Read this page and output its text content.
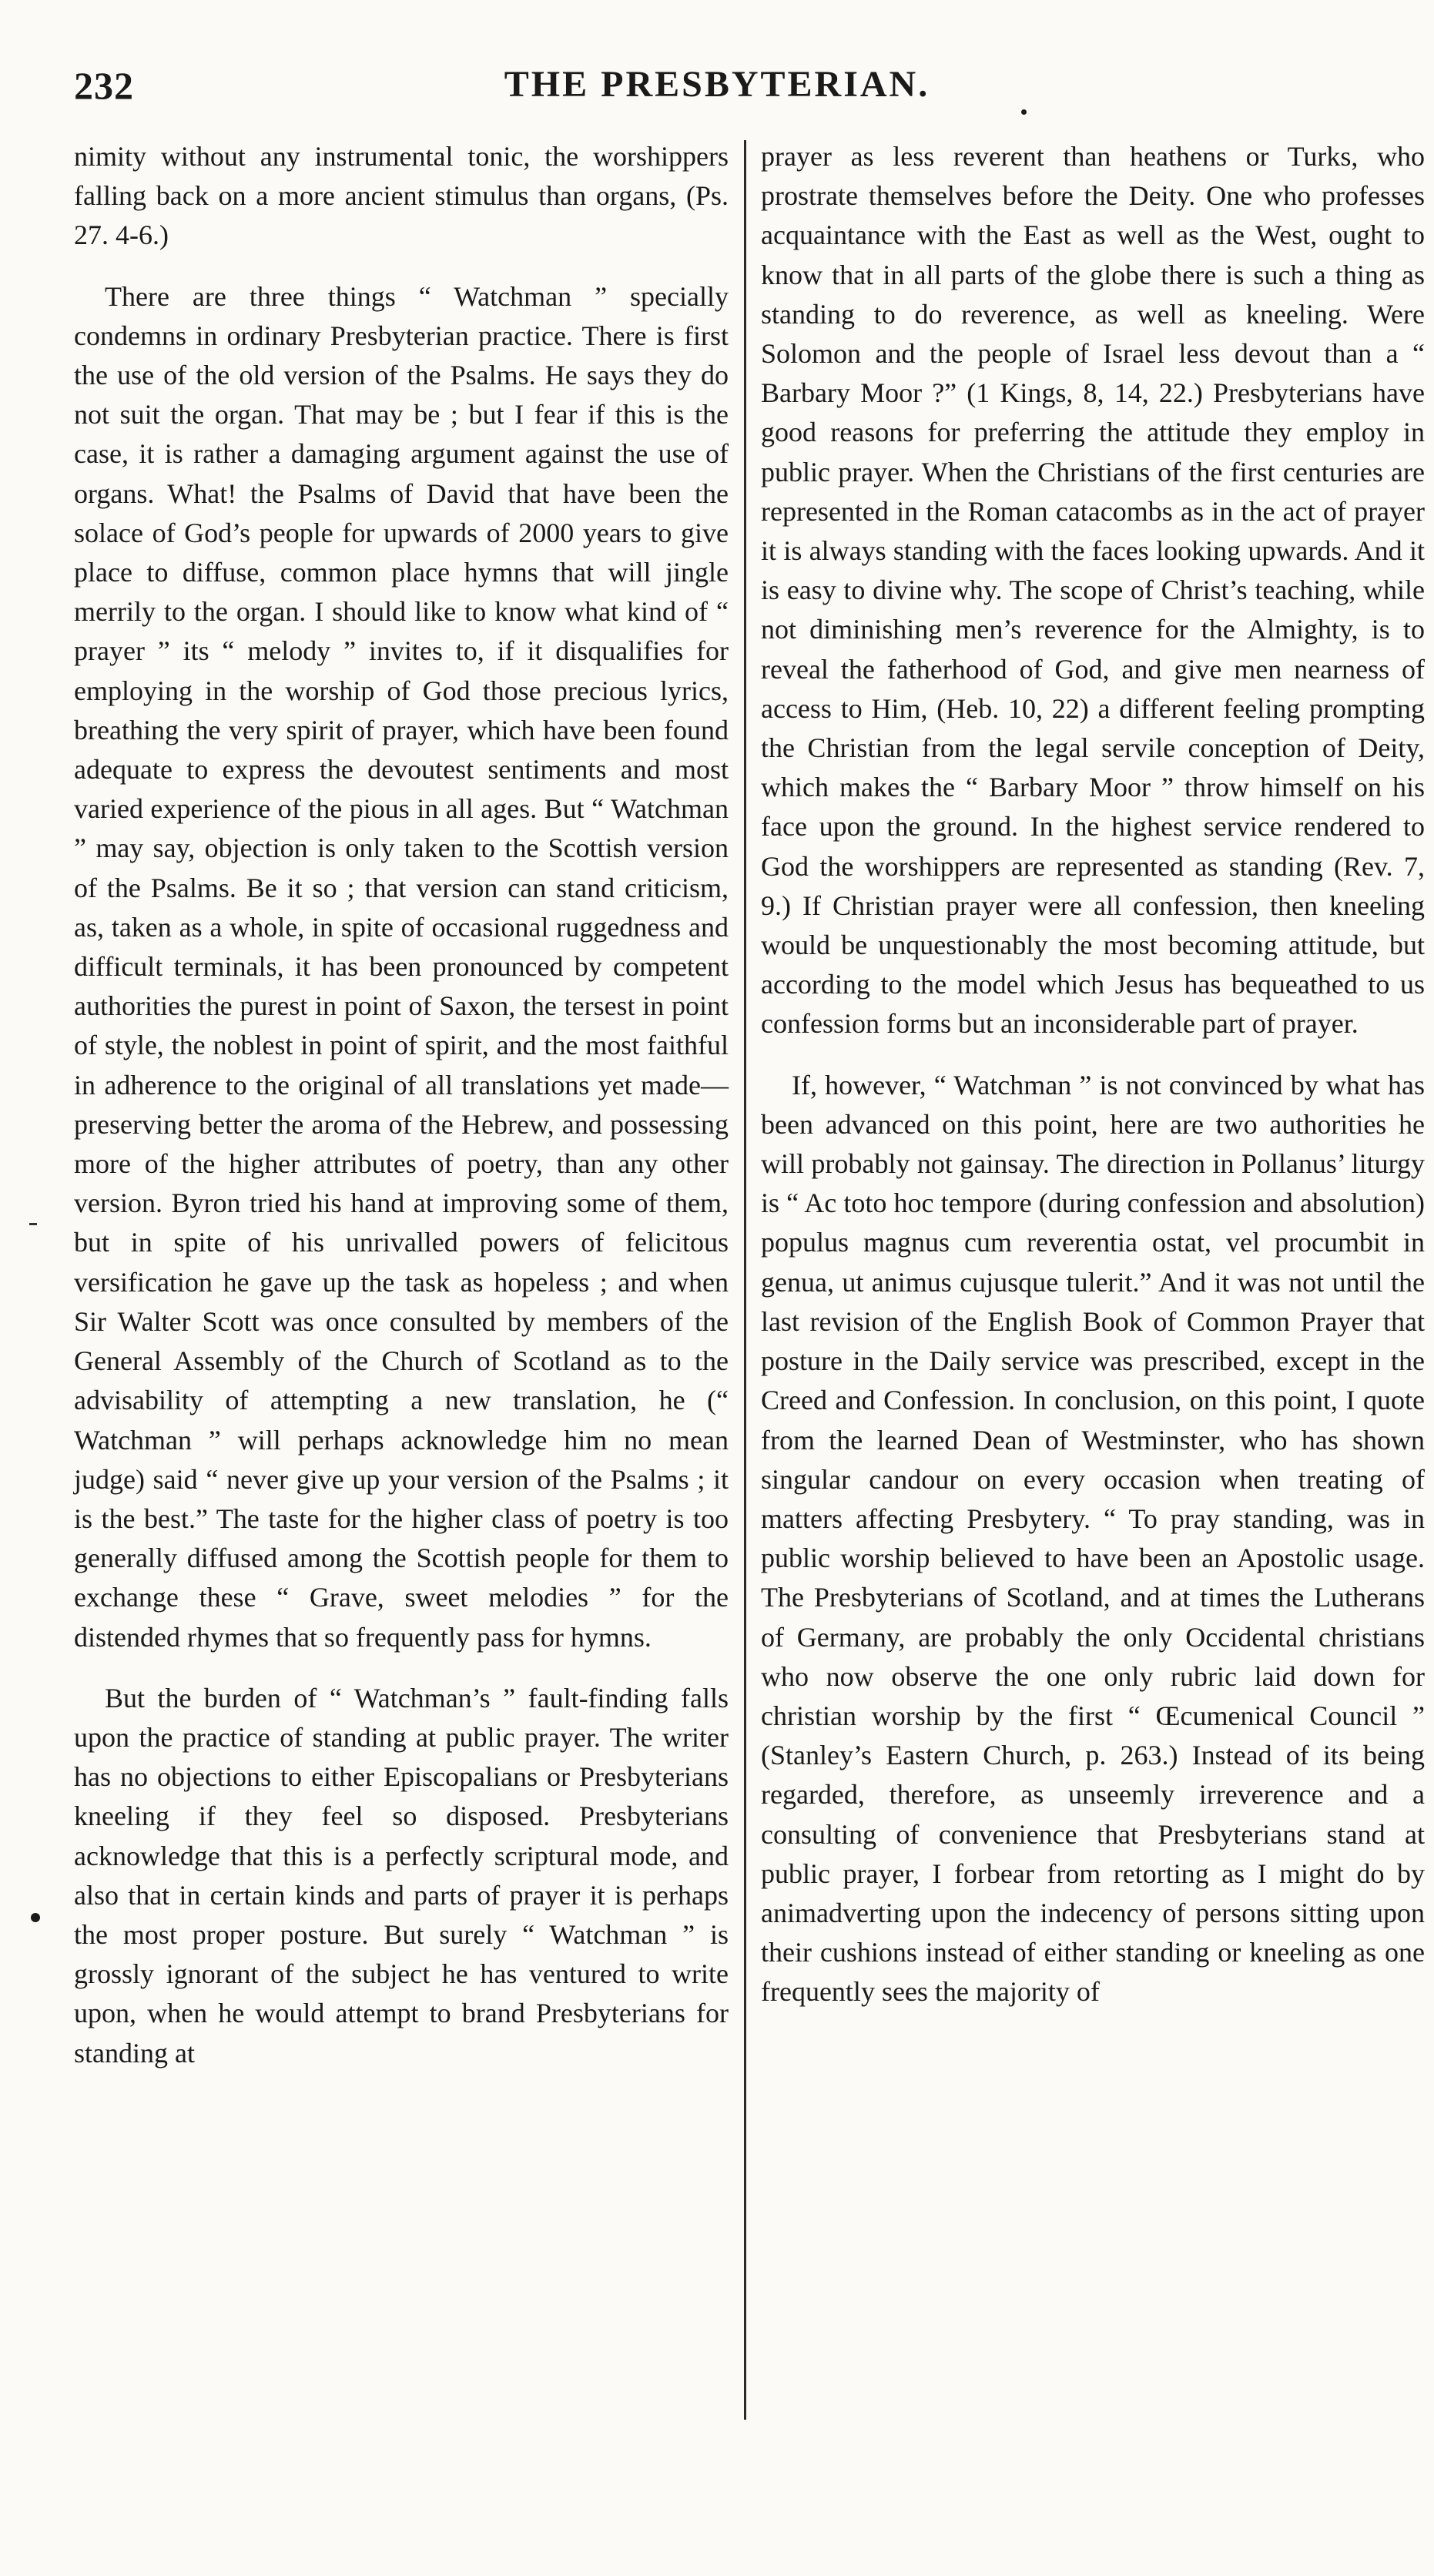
232	THE PRESBYTERIAN.

nimity without any instrumental tonic, the worshippers falling back on a more ancient stimulus than organs, (Ps. 27. 4-6.)

There are three things “ Watchman ” specially condemns in ordinary Presbyterian practice. There is first the use of the old version of the Psalms. He says they do not suit the organ. That may be ; but I fear if this is the case, it is rather a damaging argument against the use of organs. What! the Psalms of David that have been the solace of God’s people for upwards of 2000 years to give place to diffuse, common place hymns that will jingle merrily to the organ. I should like to know what kind of “ prayer ” its “ melody ” invites to, if it disqualifies for employing in the worship of God those precious lyrics, breathing the very spirit of prayer, which have been found adequate to express the devoutest sentiments and most varied experience of the pious in all ages. But “ Watchman ” may say, objection is only taken to the Scottish version of the Psalms. Be it so ; that version can stand criticism, as, taken as a whole, in spite of occasional ruggedness and difficult terminals, it has been pronounced by competent authorities the purest in point of Saxon, the tersest in point of style, the noblest in point of spirit, and the most faithful in adherence to the original of all translations yet made—preserving better the aroma of the Hebrew, and possessing more of the higher attributes of poetry, than any other version. Byron tried his hand at improving some of them, but in spite of his unrivalled powers of felicitous versification he gave up the task as hopeless ; and when Sir Walter Scott was once consulted by members of the General Assembly of the Church of Scotland as to the advisability of attempting a new translation, he (“ Watchman ” will perhaps acknowledge him no mean judge) said “ never give up your version of the Psalms ; it is the best.” The taste for the higher class of poetry is too generally diffused among the Scottish people for them to exchange these “ Grave, sweet melodies ” for the distended rhymes that so frequently pass for hymns.

But the burden of “ Watchman’s ” fault-finding falls upon the practice of standing at public prayer. The writer has no objections to either Episcopalians or Presbyterians kneeling if they feel so disposed. Presbyterians acknowledge that this is a perfectly scriptural mode, and also that in certain kinds and parts of prayer it is perhaps the most proper posture. But surely “ Watchman ” is grossly ignorant of the subject he has ventured to write upon, when he would attempt to brand Presbyterians for standing at

prayer as less reverent than heathens or Turks, who prostrate themselves before the Deity. One who professes acquaintance with the East as well as the West, ought to know that in all parts of the globe there is such a thing as standing to do reverence, as well as kneeling. Were Solomon and the people of Israel less devout than a “ Barbary Moor ?” (1 Kings, 8, 14, 22.) Presbyterians have good reasons for preferring the attitude they employ in public prayer. When the Christians of the first centuries are represented in the Roman catacombs as in the act of prayer it is always standing with the faces looking upwards. And it is easy to divine why. The scope of Christ’s teaching, while not diminishing men’s reverence for the Almighty, is to reveal the fatherhood of God, and give men nearness of access to Him, (Heb. 10, 22) a different feeling prompting the Christian from the legal servile conception of Deity, which makes the “ Barbary Moor ” throw himself on his face upon the ground. In the highest service rendered to God the worshippers are represented as standing (Rev. 7, 9.) If Christian prayer were all confession, then kneeling would be unquestionably the most becoming attitude, but according to the model which Jesus has bequeathed to us confession forms but an inconsiderable part of prayer.

If, however, “ Watchman ” is not convinced by what has been advanced on this point, here are two authorities he will probably not gainsay. The direction in Pollanus’ liturgy is “ Ac toto hoc tempore (during confession and absolution) populus magnus cum reverentia ostat, vel procumbit in genua, ut animus cujusque tulerit.” And it was not until the last revision of the English Book of Common Prayer that posture in the Daily service was prescribed, except in the Creed and Confession. In conclusion, on this point, I quote from the learned Dean of Westminster, who has shown singular candour on every occasion when treating of matters affecting Presbytery. “ To pray standing, was in public worship believed to have been an Apostolic usage. The Presbyterians of Scotland, and at times the Lutherans of Germany, are probably the only Occidental christians who now observe the one only rubric laid down for christian worship by the first “ Œcumenical Council ” (Stanley’s Eastern Church, p. 263.) Instead of its being regarded, therefore, as unseemly irreverence and a consulting of convenience that Presbyterians stand at public prayer, I forbear from retorting as I might do by animadverting upon the indecency of persons sitting upon their cushions instead of either standing or kneeling as one frequently sees the majority of
